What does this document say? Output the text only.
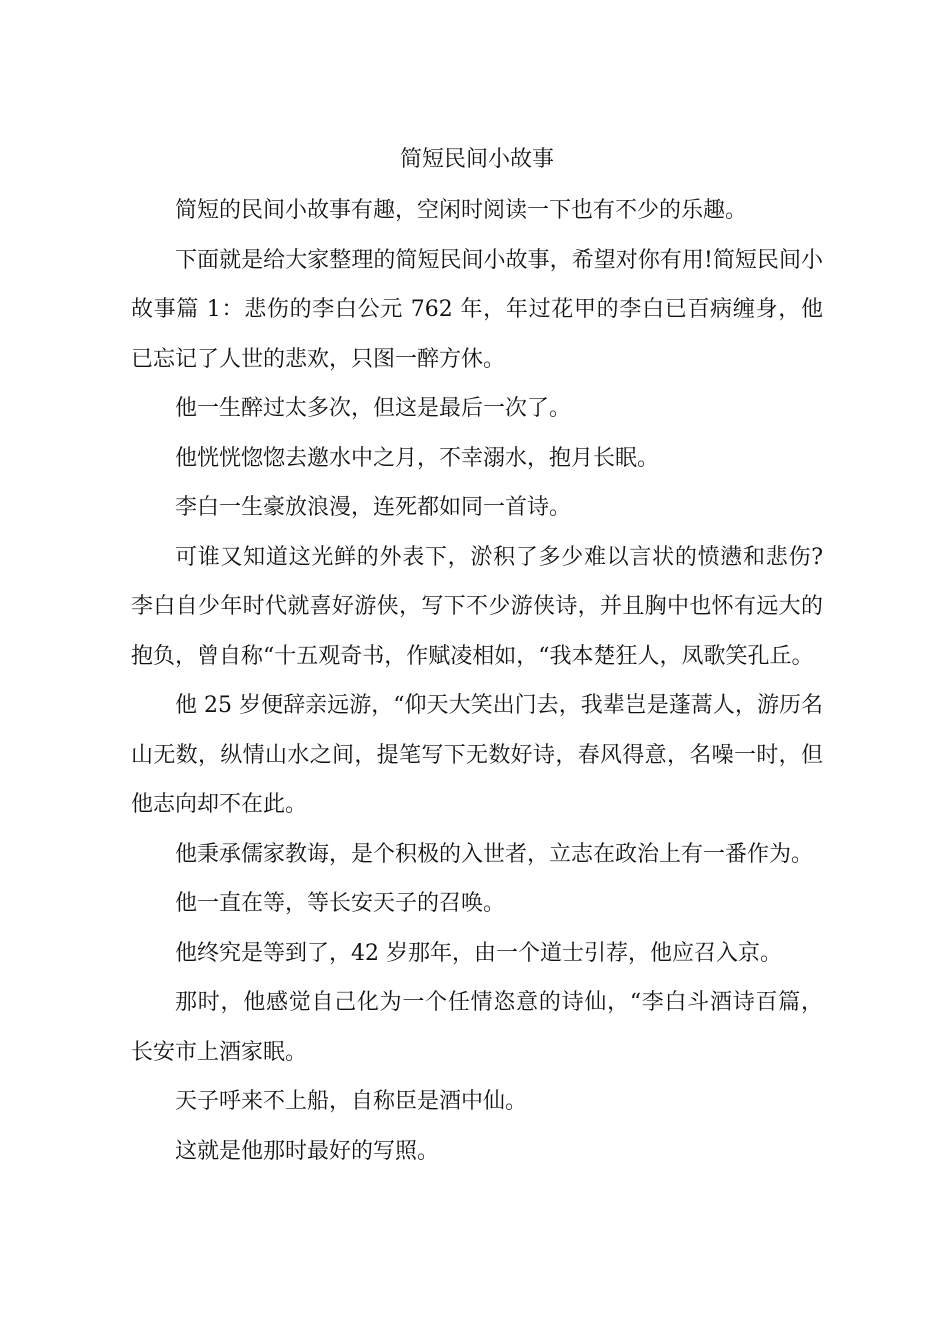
简短民间小故事

简短的民间小故事有趣，空闲时阅读一下也有不少的乐趣。

下面就是给大家整理的简短民间小故事，希望对你有用!简短民间小故事篇 1：悲伤的李白公元 762 年，年过花甲的李白已百病缠身，他已忘记了人世的悲欢，只图一醉方休。

他一生醉过太多次，但这是最后一次了。

他恍恍惚惚去邀水中之月，不幸溺水，抱月长眠。

李白一生豪放浪漫，连死都如同一首诗。

可谁又知道这光鲜的外表下，淤积了多少难以言状的愤懑和悲伤?李白自少年时代就喜好游侠，写下不少游侠诗，并且胸中也怀有远大的抱负，曾自称“十五观奇书，作赋凌相如，“我本楚狂人，凤歌笑孔丘。

他 25 岁便辞亲远游，“仰天大笑出门去，我辈岂是蓬蒿人，游历名山无数，纵情山水之间，提笔写下无数好诗，春风得意，名噪一时，但他志向却不在此。

他秉承儒家教诲，是个积极的入世者，立志在政治上有一番作为。

他一直在等，等长安天子的召唤。

他终究是等到了，42 岁那年，由一个道士引荐，他应召入京。

那时，他感觉自己化为一个任情恣意的诗仙，“李白斗酒诗百篇，长安市上酒家眠。

天子呼来不上船，自称臣是酒中仙。

这就是他那时最好的写照。
